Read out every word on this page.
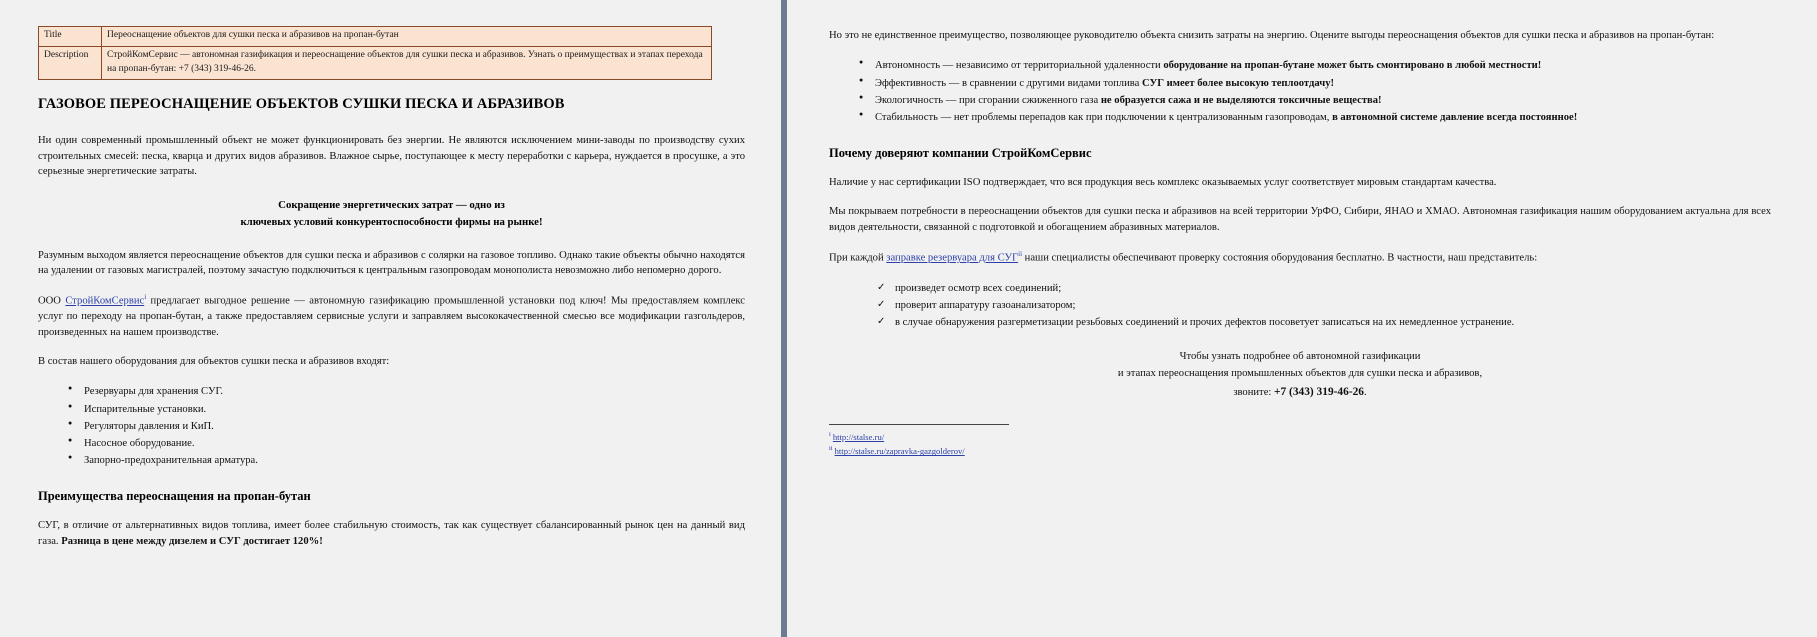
Title	Переоснащение объектов для сушки песка и абразивов на пропан-бутан
Description	СтройКомСервис — автономная газификация и переоснащение объектов для сушки песка и абразивов. Узнать о преимуществах и этапах перехода на пропан-бутан: +7 (343) 319-46-26.
ГАЗОВОЕ ПЕРЕОСНАЩЕНИЕ ОБЪЕКТОВ СУШКИ ПЕСКА И АБРАЗИВОВ

Ни один современный промышленный объект не может функционировать без энергии. Не являются исключением мини-заводы по производству сухих строительных смесей: песка, кварца и других видов абразивов. Влажное сырье, поступающее к месту переработки с карьера, нуждается в просушке, а это серьезные энергетические затраты.

Сокращение энергетических затрат — одно из
ключевых условий конкурентоспособности фирмы на рынке!

Разумным выходом является переоснащение объектов для сушки песка и абразивов с солярки на газовое топливо. Однако такие объекты обычно находятся на удалении от газовых магистралей, поэтому зачастую подключиться к центральным газопроводам монополиста невозможно либо непомерно дорого.

ООО СтройКомСервис$^i$ предлагает выгодное решение — автономную газификацию промышленной установки под ключ! Мы предоставляем комплекс услуг по переходу на пропан-бутан, а также предоставляем сервисные услуги и заправляем высококачественной смесью все модификации газгольдеров, произведенных на нашем производстве.

В состав нашего оборудования для объектов сушки песка и абразивов входят:

● Резервуары для хранения СУГ.
● Испарительные установки.
● Регуляторы давления и КиП.
● Насосное оборудование.
● Запорно-предохранительная арматура.
Преимущества переоснащения на пропан-бутан

СУГ, в отличие от альтернативных видов топлива, имеет более стабильную стоимость, так как существует сбалансированный рынок цен на данный вид газа. Разница в цене между дизелем и СУГ достигает 120%!

Но это не единственное преимущество, позволяющее руководителю объекта снизить затраты на энергию. Оцените выгоды переоснащения объектов для сушки песка и абразивов на пропан-бутан:

● Автономность — независимо от территориальной удаленности оборудование на пропан-бутане может быть смонтировано в любой местности!
● Эффективность — в сравнении с другими видами топлива СУГ имеет более высокую теплоотдачу!
● Экологичность — при сгорании сжиженного газа не образуется сажа и не выделяются токсичные вещества!
● Стабильность — нет проблемы перепадов как при подключении к централизованным газопроводам, в автономной системе давление всегда постоянное!
Почему доверяют компании СтройКомСервис

Наличие у нас сертификации ISO подтверждает, что вся продукция весь комплекс оказываемых услуг соответствует мировым стандартам качества.

Мы покрываем потребности в переоснащении объектов для сушки песка и абразивов на всей территории УрФО, Сибири, ЯНАО и ХМАО. Автономная газификация нашим оборудованием актуальна для всех видов деятельности, связанной с подготовкой и обогащением абразивных материалов.

При каждой заправке резервуара для СУГ$^{ii}$ наши специалисты обеспечивают проверку состояния оборудования бесплатно. В частности, наш представитель:

✓ произведет осмотр всех соединений;
✓ проверит аппаратуру газоанализатором;
✓ в случае обнаружения разгерметизации резьбовых соединений и прочих дефектов посоветует записаться на их немедленное устранение.
Чтобы узнать подробнее об автономной газификации
и этапах переоснащения промышленных объектов для сушки песка и абразивов,
звоните: +7 (343) 319-46-26.

$^i$ http://stalse.ru/

$^{ii}$ http://stalse.ru/zapravka-gazgolderov/
